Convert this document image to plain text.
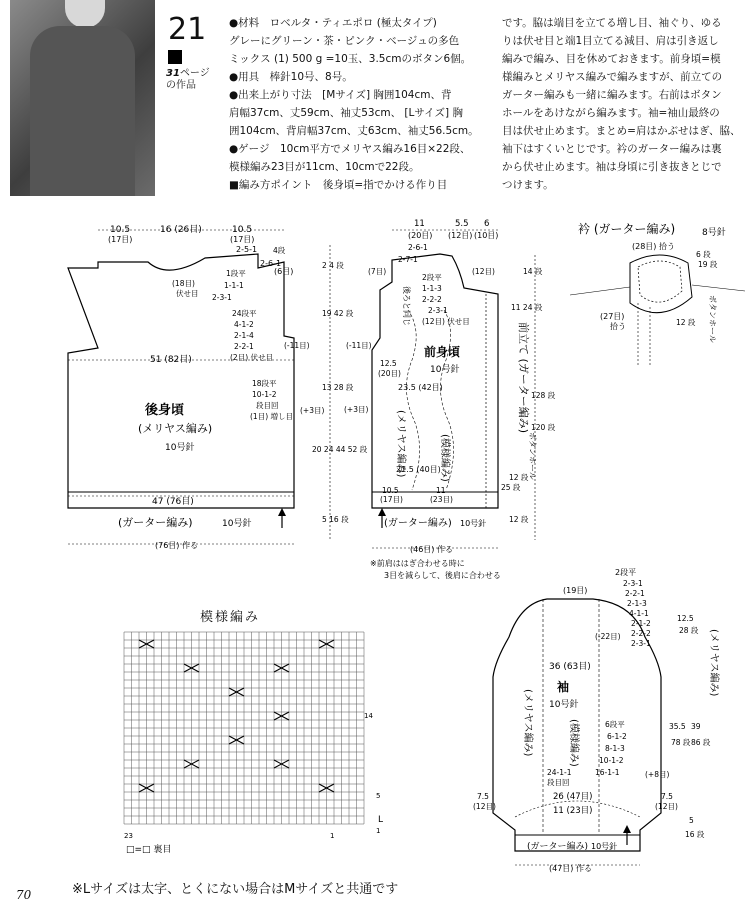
21
31ページ
の作品
●材料　ロベルタ・ティエポロ (極太タイプ)
グレーにグリーン・茶・ピンク・ベージュの多色
ミックス (1) 500 g =10玉、3.5cmのボタン6個。
●用具　棒針10号、8号。
●出来上がり寸法　[Mサイズ] 胸囲104cm、背
肩幅37cm、丈59cm、袖丈53cm、 [Lサイズ] 胸
囲104cm、背肩幅37cm、丈63cm、袖丈56.5cm。
●ゲージ　10cm平方でメリヤス編み16目×22段、
模様編み23目が11cm、10cmで22段。
■編み方ポイント　後身頃=指でかける作り目
です。脇は端目を立てる増し目、袖ぐり、ゆる
りは伏せ目と端1目立てる減目、肩は引き返し
編みで編み、目を休めておきます。前身頃=模
様編みとメリヤス編みで編みますが、前立ての
ガーター編みも一緒に編みます。右前はボタン
ホールをあけながら編みます。袖=袖山最終の
目は伏せ止めます。まとめ=肩はかぶせはぎ、脇、
袖下はすくいとじです。衿のガーター編みは裏
から伏せ止めます。袖は身頃に引き抜きとじで
つけます。
10.5	16 (26目)	10.5
(17目)	(17目)
51 (82目)
47 (76目)
(76目) 作る
後身頃
(メリヤス編み)
10号針
(ガーター編み)	10号針
2-5-1
2-6-1
(6目)
1段平
1-1-1
2-3-1
(18目)
伏せ目
24段平
4-1-2
2-1-4
2-2-1
(2目) 伏せ目
(-11目)
18段平
10-1-2
段目回
(1目) 増し目
(+3目)
4段
2 4 段
19 42 段
13 28 段
20 24 44 52 段
5 16 段
11	5.5 6
(20目) (12目) (10目)
前身頃
10号針
(模様編み)
(メリヤス編み)
前立て (ガーター編み)
ボタンホール
(ガーター編み) 10号針
2-6-1
2-7-1
(7目)
2段平
1-1-3
2-2-2
2-3-1
(12目) 伏せ目
後ろと同じ
12.5
(20目)
23.5 (42目)
21.5 (40目)
11
(23目)
10.5
(17目)
(12目)
(-11目)
(+3目)
(46目) 作る
※前肩ははぎ合わせる時に
3目を減らして、後肩に合わせる
14 段
11 24 段
128 段
120 段
12 段
25 段
12 段
衿 (ガーター編み)	8号針
(28目) 拾う
(27目)
拾う
19 段
6 段
12 段 ボタンホール
模様編み
14
5
1
23	1
L
□=□ 裏目
2段平
2-3-1
2-2-1
2-1-3
4-1-1
2-1-2
2-2-2
2-3-1
(-22目)
12.5
28 段
(19目)
36 (63目)
袖
10号針
(模様編み)
(メリヤス編み)
(メリヤス編み)
6段平
6-1-2
8-1-3
10-1-2
24-1-1	16-1-1
段目回
(+8目)
26 (47目)
11 (23目)
(ガーター編み) 10号針
(47目) 作る
7.5
(12目)
7.5
(12目)
35.5 39
78 段 86 段
5
16 段
70	※Lサイズは太字、とくにない場合はMサイズと共通です
